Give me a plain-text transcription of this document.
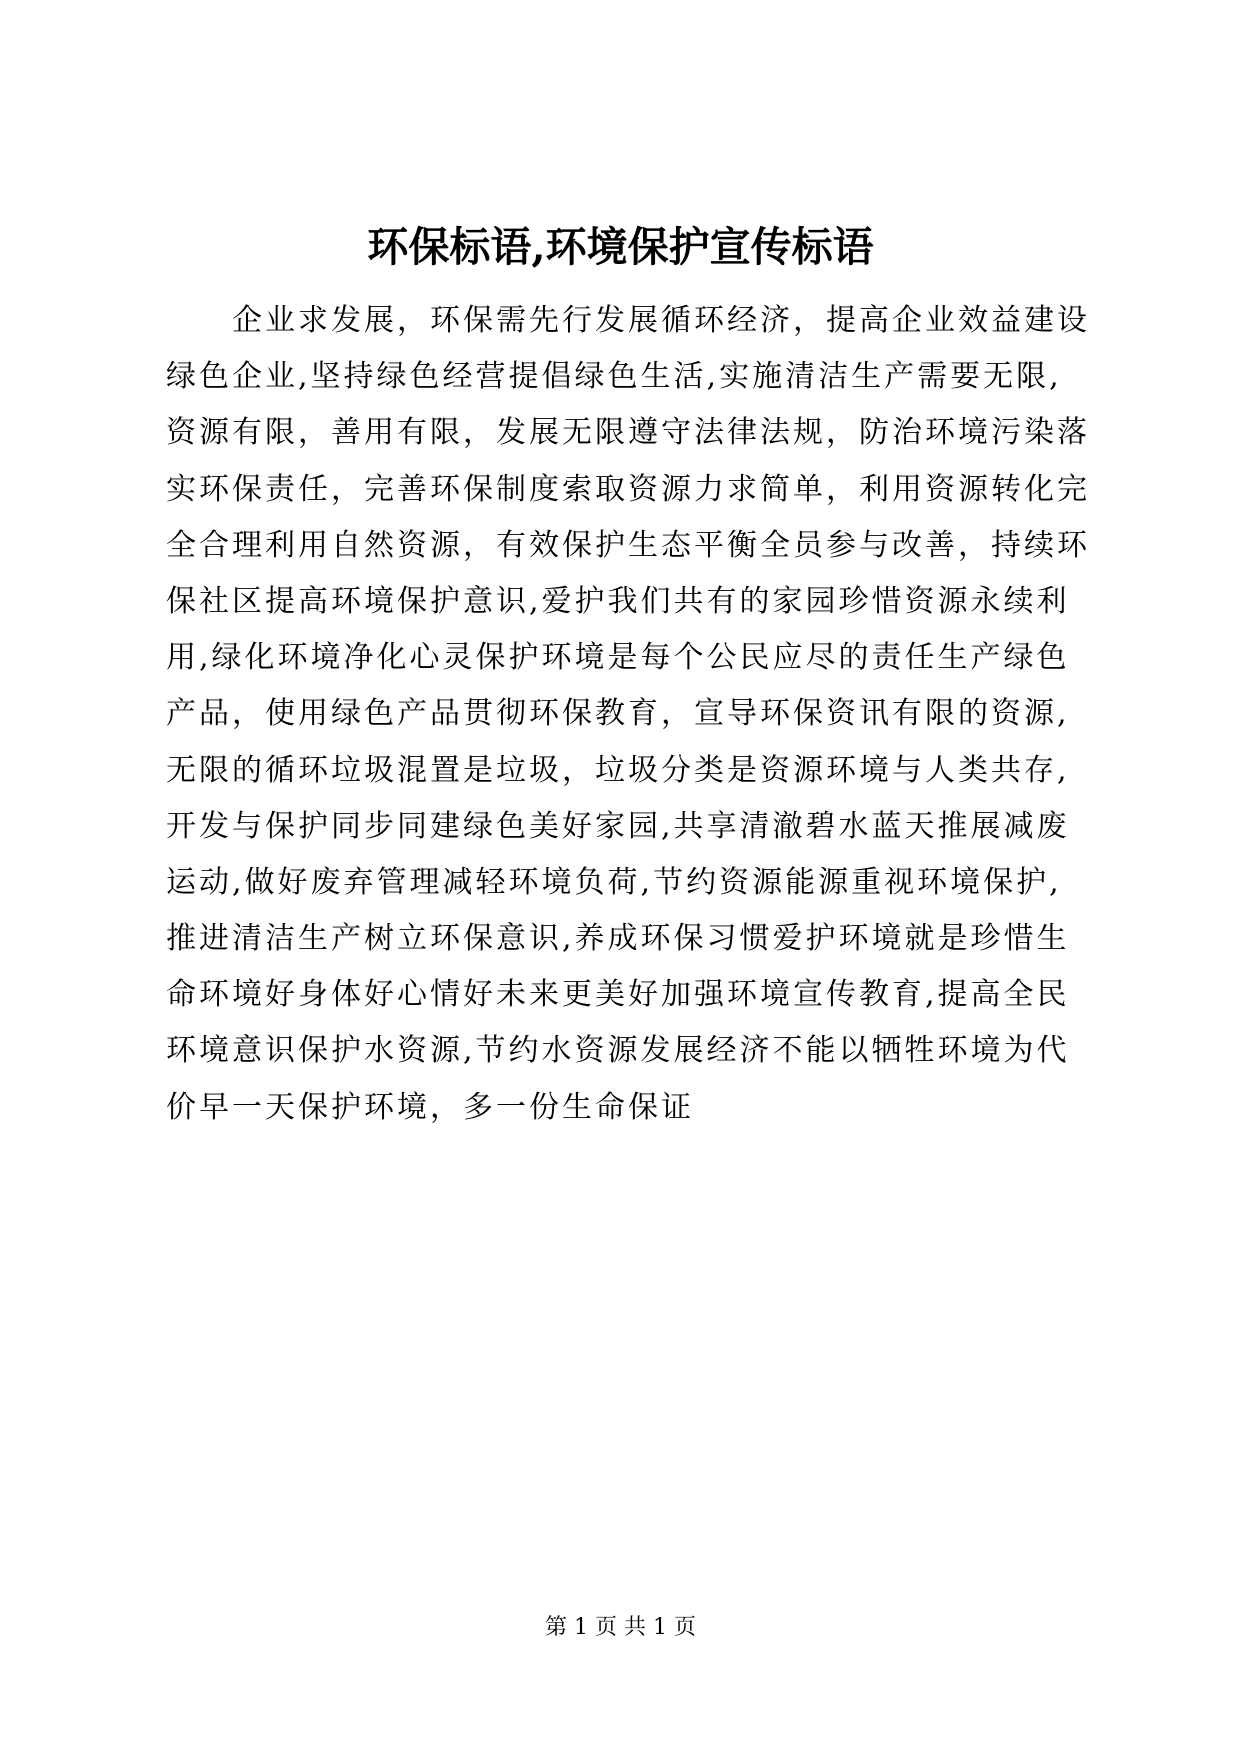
环保标语,环境保护宣传标语
企业求发展，环保需先行发展循环经济，提高企业效益建设
绿色企业,坚持绿色经营提倡绿色生活,实施清洁生产需要无限,
资源有限，善用有限，发展无限遵守法律法规，防治环境污染落
实环保责任，完善环保制度索取资源力求简单，利用资源转化完
全合理利用自然资源，有效保护生态平衡全员参与改善，持续环
保社区提高环境保护意识,爱护我们共有的家园珍惜资源永续利
用,绿化环境净化心灵保护环境是每个公民应尽的责任生产绿色
产品，使用绿色产品贯彻环保教育，宣导环保资讯有限的资源,
无限的循环垃圾混置是垃圾，垃圾分类是资源环境与人类共存,
开发与保护同步同建绿色美好家园,共享清澈碧水蓝天推展减废
运动,做好废弃管理减轻环境负荷,节约资源能源重视环境保护,
推进清洁生产树立环保意识,养成环保习惯爱护环境就是珍惜生
命环境好身体好心情好未来更美好加强环境宣传教育,提高全民
环境意识保护水资源,节约水资源发展经济不能以牺牲环境为代
价早一天保护环境，多一份生命保证
第 1 页 共 1 页
